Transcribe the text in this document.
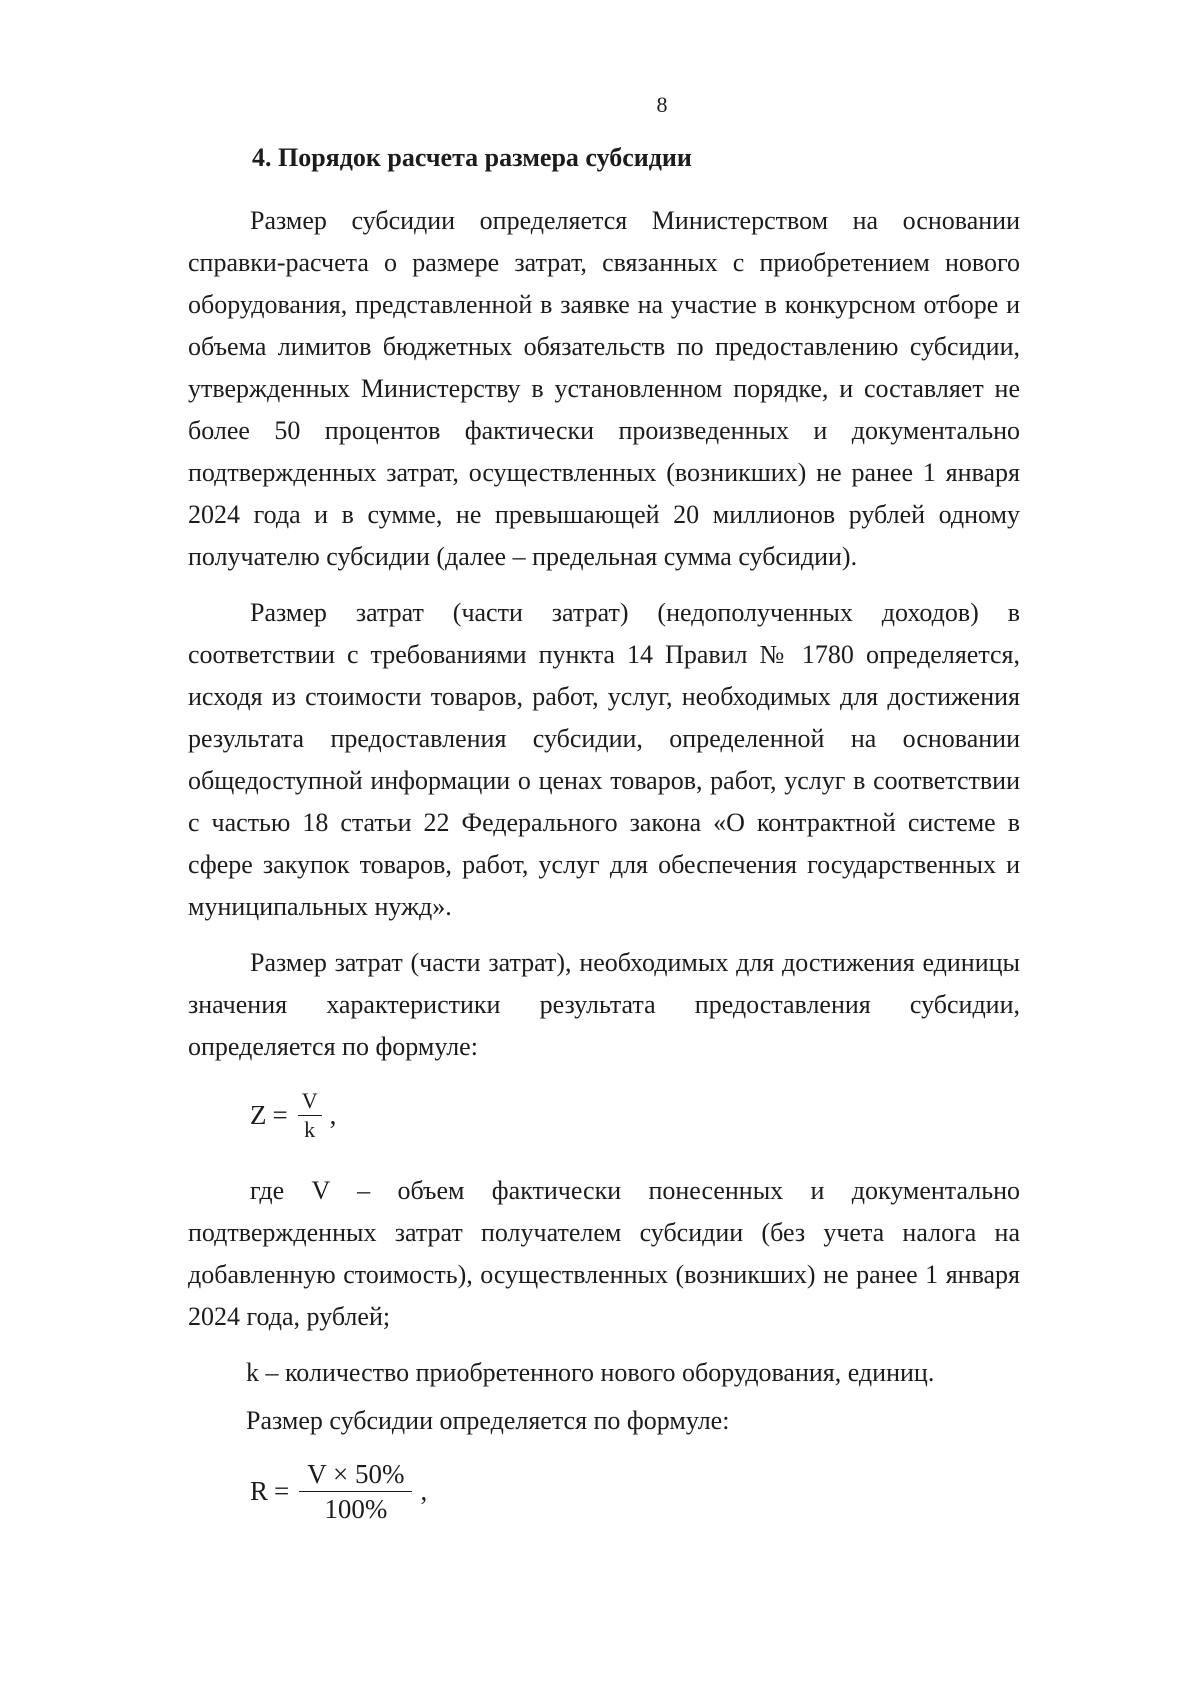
8
4. Порядок расчета размера субсидии

Размер субсидии определяется Министерством на основании справки-расчета о размере затрат, связанных с приобретением нового оборудования, представленной в заявке на участие в конкурсном отборе и объема лимитов бюджетных обязательств по предоставлению субсидии, утвержденных Министерству в установленном порядке, и составляет не более 50 процентов фактически произведенных и документально подтвержденных затрат, осуществленных (возникших) не ранее 1 января 2024 года и в сумме, не превышающей 20 миллионов рублей одному получателю субсидии (далее – предельная сумма субсидии).

Размер затрат (части затрат) (недополученных доходов) в соответствии с требованиями пункта 14 Правил № 1780 определяется, исходя из стоимости товаров, работ, услуг, необходимых для достижения результата предоставления субсидии, определенной на основании общедоступной информации о ценах товаров, работ, услуг в соответствии с частью 18 статьи 22 Федерального закона «О контрактной системе в сфере закупок товаров, работ, услуг для обеспечения государственных и муниципальных нужд».

Размер затрат (части затрат), необходимых для достижения единицы значения характеристики результата предоставления субсидии, определяется по формуле:

$Z = \frac{V}{k}$ ,

где V – объем фактически понесенных и документально подтвержденных затрат получателем субсидии (без учета налога на добавленную стоимость), осуществленных (возникших) не ранее 1 января 2024 года, рублей;

k – количество приобретенного нового оборудования, единиц.

Размер субсидии определяется по формуле:

$R = \frac{V \times 50\%}{100\%}$ ,
